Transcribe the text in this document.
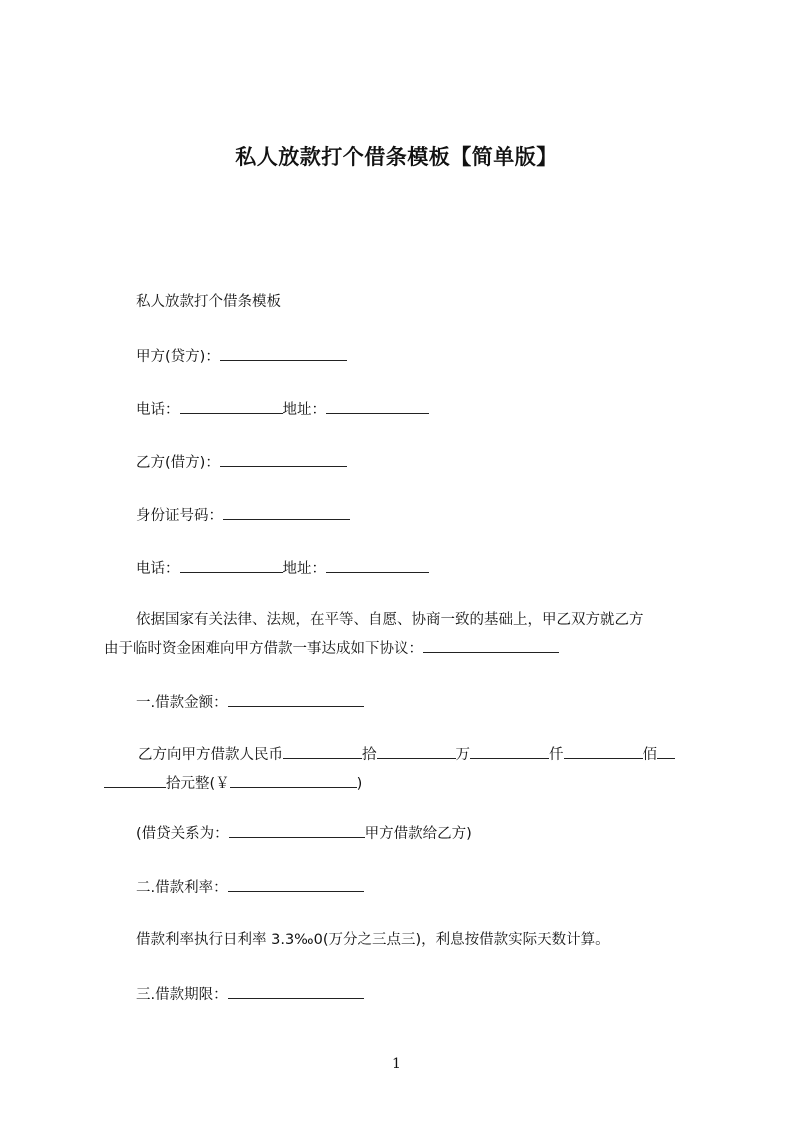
私人放款打个借条模板【简单版】
私人放款打个借条模板
甲方(贷方)：
电话：	地址：
乙方(借方)：
身份证号码：
电话：	地址：
依据国家有关法律、法规，在平等、自愿、协商一致的基础上，甲乙双方就乙方
由于临时资金困难向甲方借款一事达成如下协议：
一.借款金额：
乙方向甲方借款人民币	拾	万	仟	佰
拾元整(￥	)
(借贷关系为：	甲方借款给乙方)
二.借款利率：
借款利率执行日利率 3.3‰0(万分之三点三)，利息按借款实际天数计算。
三.借款期限：
1
